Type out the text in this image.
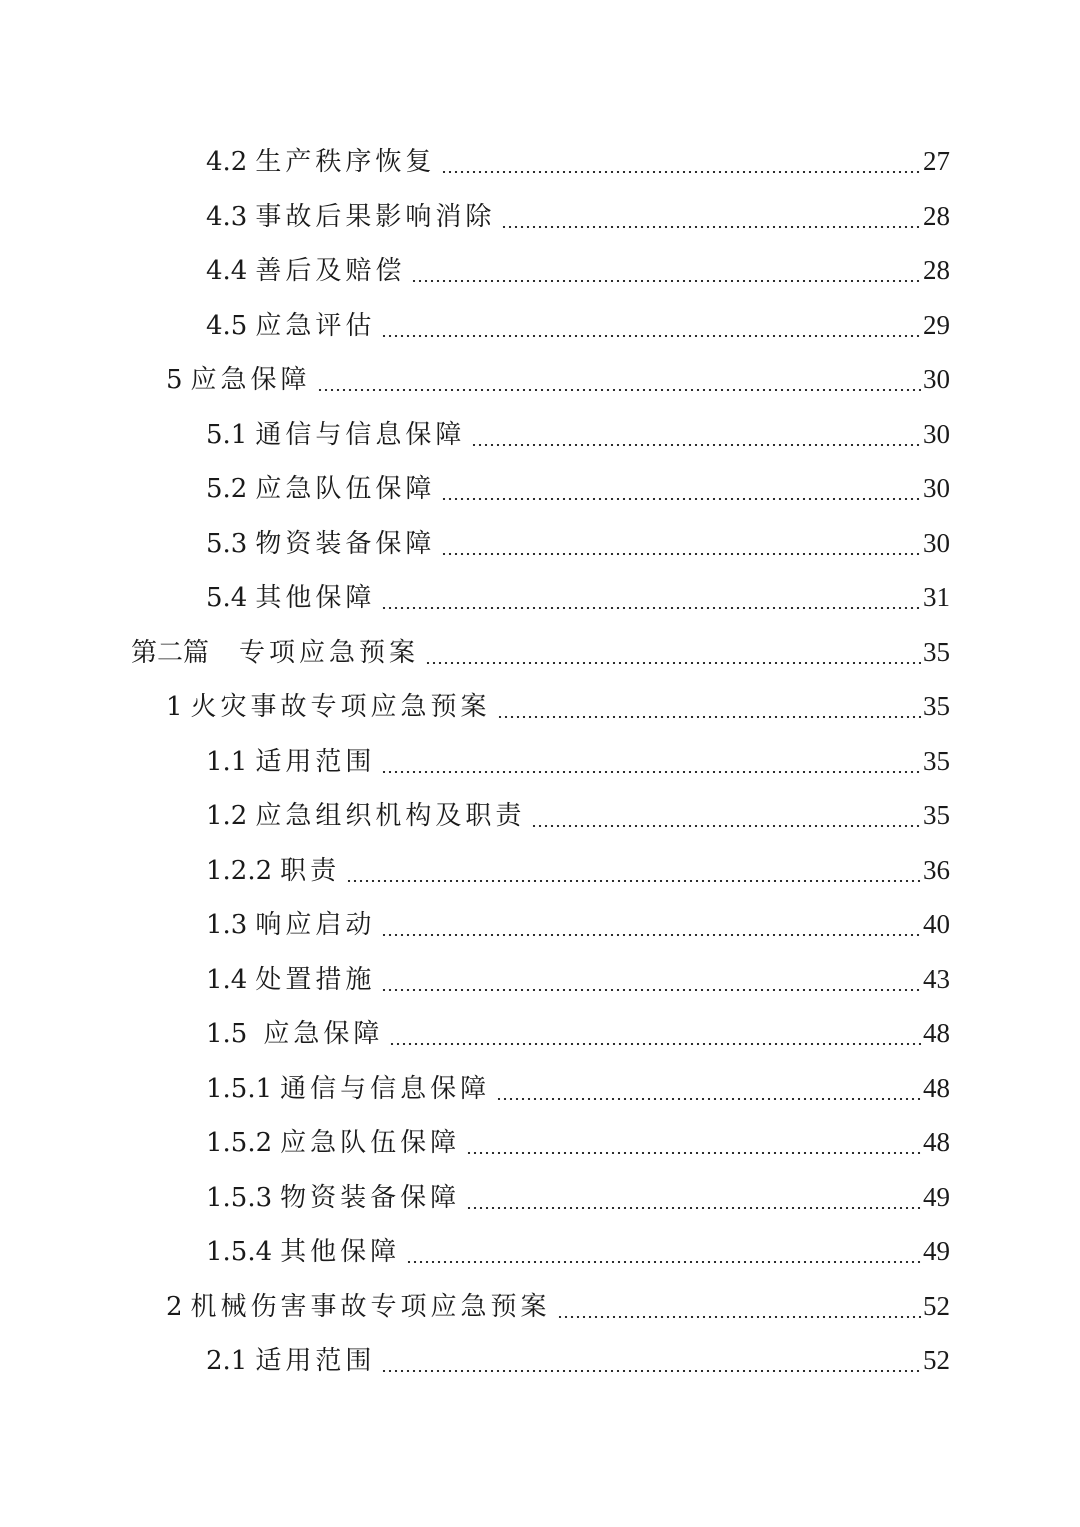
4.2 生产秩序恢复	27
4.3 事故后果影响消除	28
4.4 善后及赔偿	28
4.5 应急评估	29
5 应急保障	30
5.1 通信与信息保障	30
5.2 应急队伍保障	30
5.3 物资装备保障	30
5.4 其他保障	31
第二篇 专项应急预案	35
1 火灾事故专项应急预案	35
1.1 适用范围	35
1.2 应急组织机构及职责	35
1.2.2 职责	36
1.3 响应启动	40
1.4 处置措施	43
1.5 应急保障	48
1.5.1 通信与信息保障	48
1.5.2 应急队伍保障	48
1.5.3 物资装备保障	49
1.5.4 其他保障	49
2 机械伤害事故专项应急预案	52
2.1 适用范围	52
